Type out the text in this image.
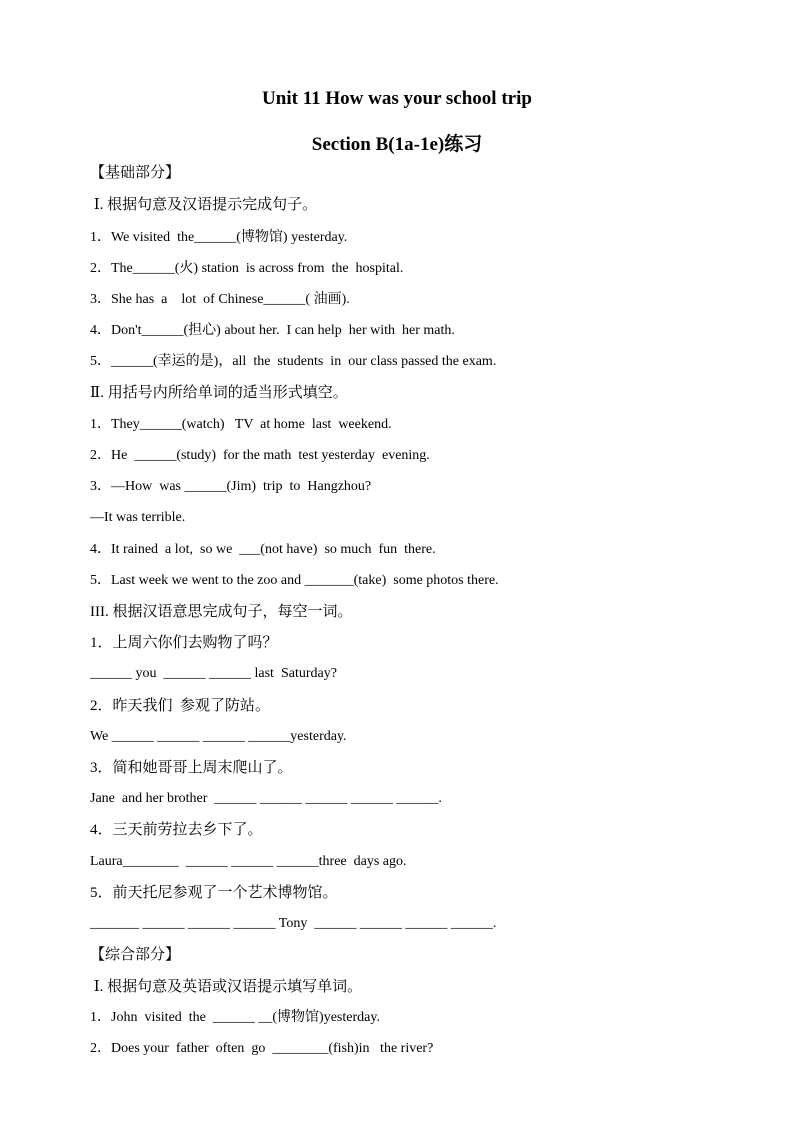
Unit 11 How was your school trip
Section B(1a-1e)练习
【基础部分】
Ⅰ. 根据句意及汉语提示完成句子。
1．We visited  the______(博物馆) yesterday.
2．The______(火) station  is across from  the  hospital.
3．She has  a    lot  of Chinese______( 油画).
4．Don't______(担心) about her.  I can help  her with  her math.
5．______(幸运的是)，all  the  students  in  our class passed the exam.
Ⅱ. 用括号内所给单词的适当形式填空。
1．They______(watch)   TV  at home  last  weekend.
2．He  ______(study)  for the math  test yesterday  evening.
3．—How  was ______(Jim)  trip  to  Hangzhou?
—It was terrible.
4．It rained  a lot,  so we  ___(not have)  so much  fun  there.
5．Last week we went to the zoo and _______(take)  some photos there.
III. 根据汉语意思完成句子，每空一词。
1．上周六你们去购物了吗？
______ you  ______ ______ last  Saturday?
2．昨天我们  参观了防站。
We ______ ______ ______ ______yesterday.
3．简和她哥哥上周末爬山了。
Jane  and her brother  ______ ______ ______ ______ ______.
4．三天前劳拉去乡下了。
Laura________  ______ ______ ______three  days ago.
5．前天托尼参观了一个艺术博物馆。
_______ ______ ______ ______ Tony  ______ ______ ______ ______.
【综合部分】
Ⅰ. 根据句意及英语或汉语提示填写单词。
1．John  visited  the  ______ __(博物馆)yesterday.
2．Does your  father  often  go  ________(fish)in   the river?
